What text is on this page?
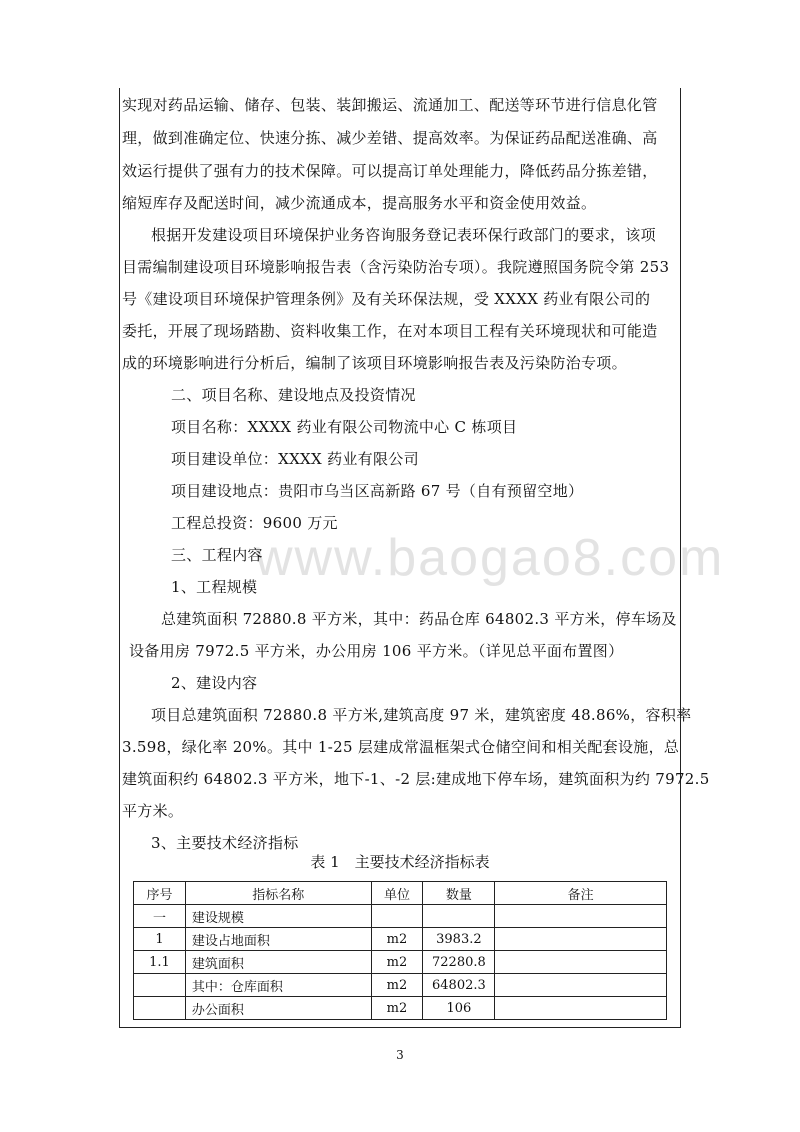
www.baogao8.com
实现对药品运输、储存、包装、装卸搬运、流通加工、配送等环节进行信息化管
理，做到准确定位、快速分拣、减少差错、提高效率。为保证药品配送准确、高
效运行提供了强有力的技术保障。可以提高订单处理能力，降低药品分拣差错，
缩短库存及配送时间，减少流通成本，提高服务水平和资金使用效益。
根据开发建设项目环境保护业务咨询服务登记表环保行政部门的要求，该项
目需编制建设项目环境影响报告表（含污染防治专项）。我院遵照国务院令第 253
号《建设项目环境保护管理条例》及有关环保法规，受 XXXX 药业有限公司的
委托，开展了现场踏勘、资料收集工作，在对本项目工程有关环境现状和可能造
成的环境影响进行分析后，编制了该项目环境影响报告表及污染防治专项。
二、项目名称、建设地点及投资情况
项目名称：XXXX 药业有限公司物流中心 C 栋项目
项目建设单位：XXXX 药业有限公司
项目建设地点：贵阳市乌当区高新路 67 号（自有预留空地）
工程总投资：9600 万元
三、工程内容
1、工程规模
总建筑面积 72880.8 平方米，其中：药品仓库 64802.3 平方米，停车场及
设备用房 7972.5 平方米，办公用房 106 平方米。（详见总平面布置图）
2、建设内容
项目总建筑面积 72880.8 平方米,建筑高度 97 米，建筑密度 48.86%，容积率
3.598，绿化率 20%。其中 1-25 层建成常温框架式仓储空间和相关配套设施，总
建筑面积约 64802.3 平方米，地下-1、-2 层:建成地下停车场，建筑面积为约 7972.5
平方米。
3、主要技术经济指标
表 1　主要技术经济指标表
序号	指标名称	单位	数量	备注
一	建设规模			
1	建设占地面积	m2	3983.2	
1.1	建筑面积	m2	72280.8	
	其中：仓库面积	m2	64802.3	
	办公面积	m2	106	
3
